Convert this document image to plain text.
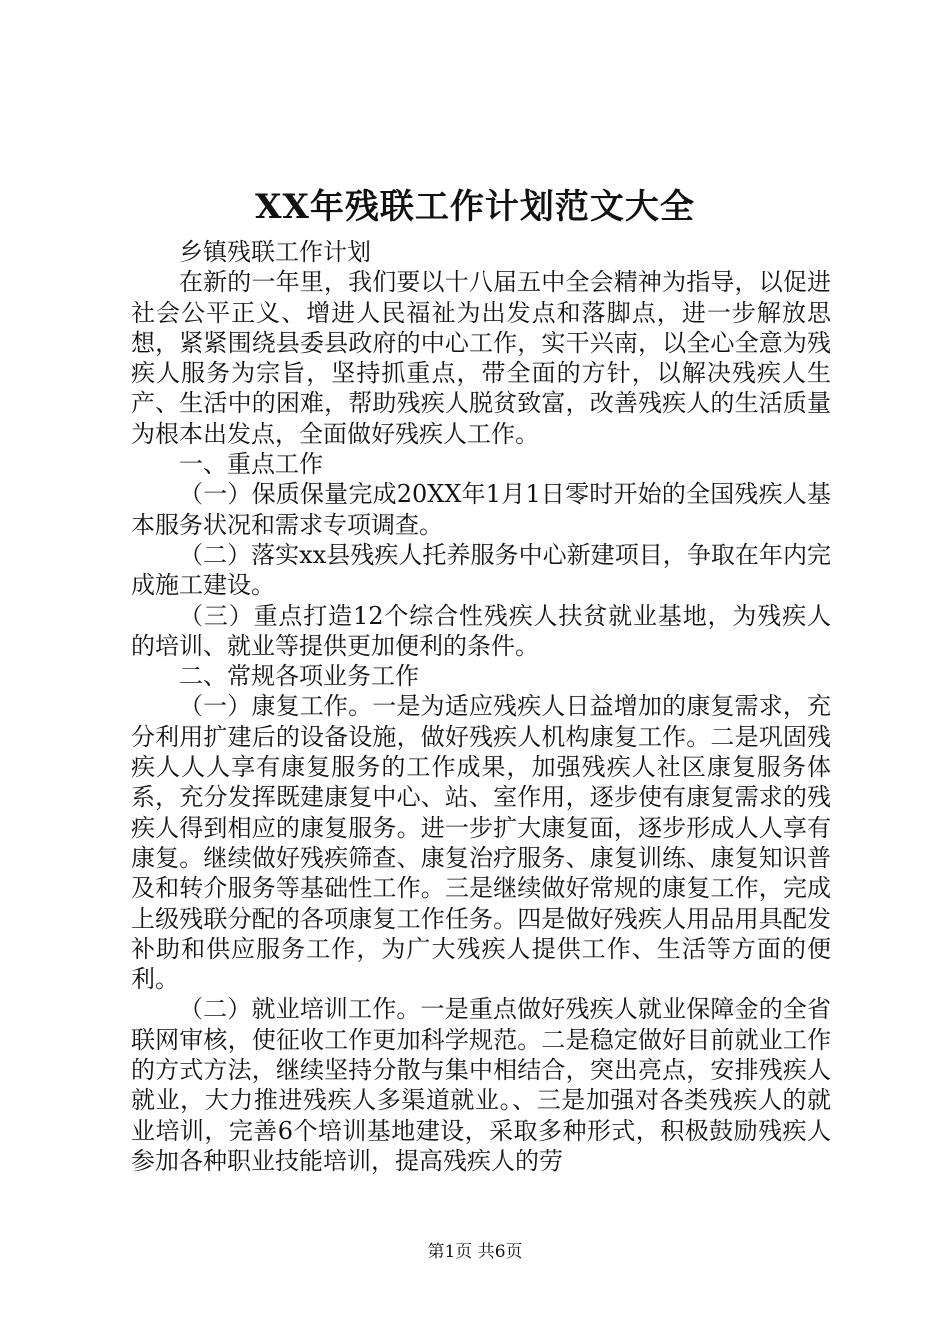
XX年残联工作计划范文大全

乡镇残联工作计划

在新的一年里，我们要以十八届五中全会精神为指导，以促进社会公平正义、增进人民福祉为出发点和落脚点，进一步解放思想，紧紧围绕县委县政府的中心工作，实干兴南，以全心全意为残疾人服务为宗旨，坚持抓重点，带全面的方针，以解决残疾人生产、生活中的困难，帮助残疾人脱贫致富，改善残疾人的生活质量为根本出发点，全面做好残疾人工作。

一、重点工作

（一）保质保量完成20XX年1月1日零时开始的全国残疾人基本服务状况和需求专项调查。

（二）落实xx县残疾人托养服务中心新建项目，争取在年内完成施工建设。

（三）重点打造12个综合性残疾人扶贫就业基地，为残疾人的培训、就业等提供更加便利的条件。

二、常规各项业务工作

（一）康复工作。一是为适应残疾人日益增加的康复需求，充分利用扩建后的设备设施，做好残疾人机构康复工作。二是巩固残疾人人人享有康复服务的工作成果，加强残疾人社区康复服务体系，充分发挥既建康复中心、站、室作用，逐步使有康复需求的残疾人得到相应的康复服务。进一步扩大康复面，逐步形成人人享有康复。继续做好残疾筛查、康复治疗服务、康复训练、康复知识普及和转介服务等基础性工作。三是继续做好常规的康复工作，完成上级残联分配的各项康复工作任务。四是做好残疾人用品用具配发补助和供应服务工作，为广大残疾人提供工作、生活等方面的便利。

（二）就业培训工作。一是重点做好残疾人就业保障金的全省联网审核，使征收工作更加科学规范。二是稳定做好目前就业工作的方式方法，继续坚持分散与集中相结合，突出亮点，安排残疾人就业，大力推进残疾人多渠道就业。、三是加强对各类残疾人的就业培训，完善6个培训基地建设，采取多种形式，积极鼓励残疾人参加各种职业技能培训，提高残疾人的劳

第1页 共6页
